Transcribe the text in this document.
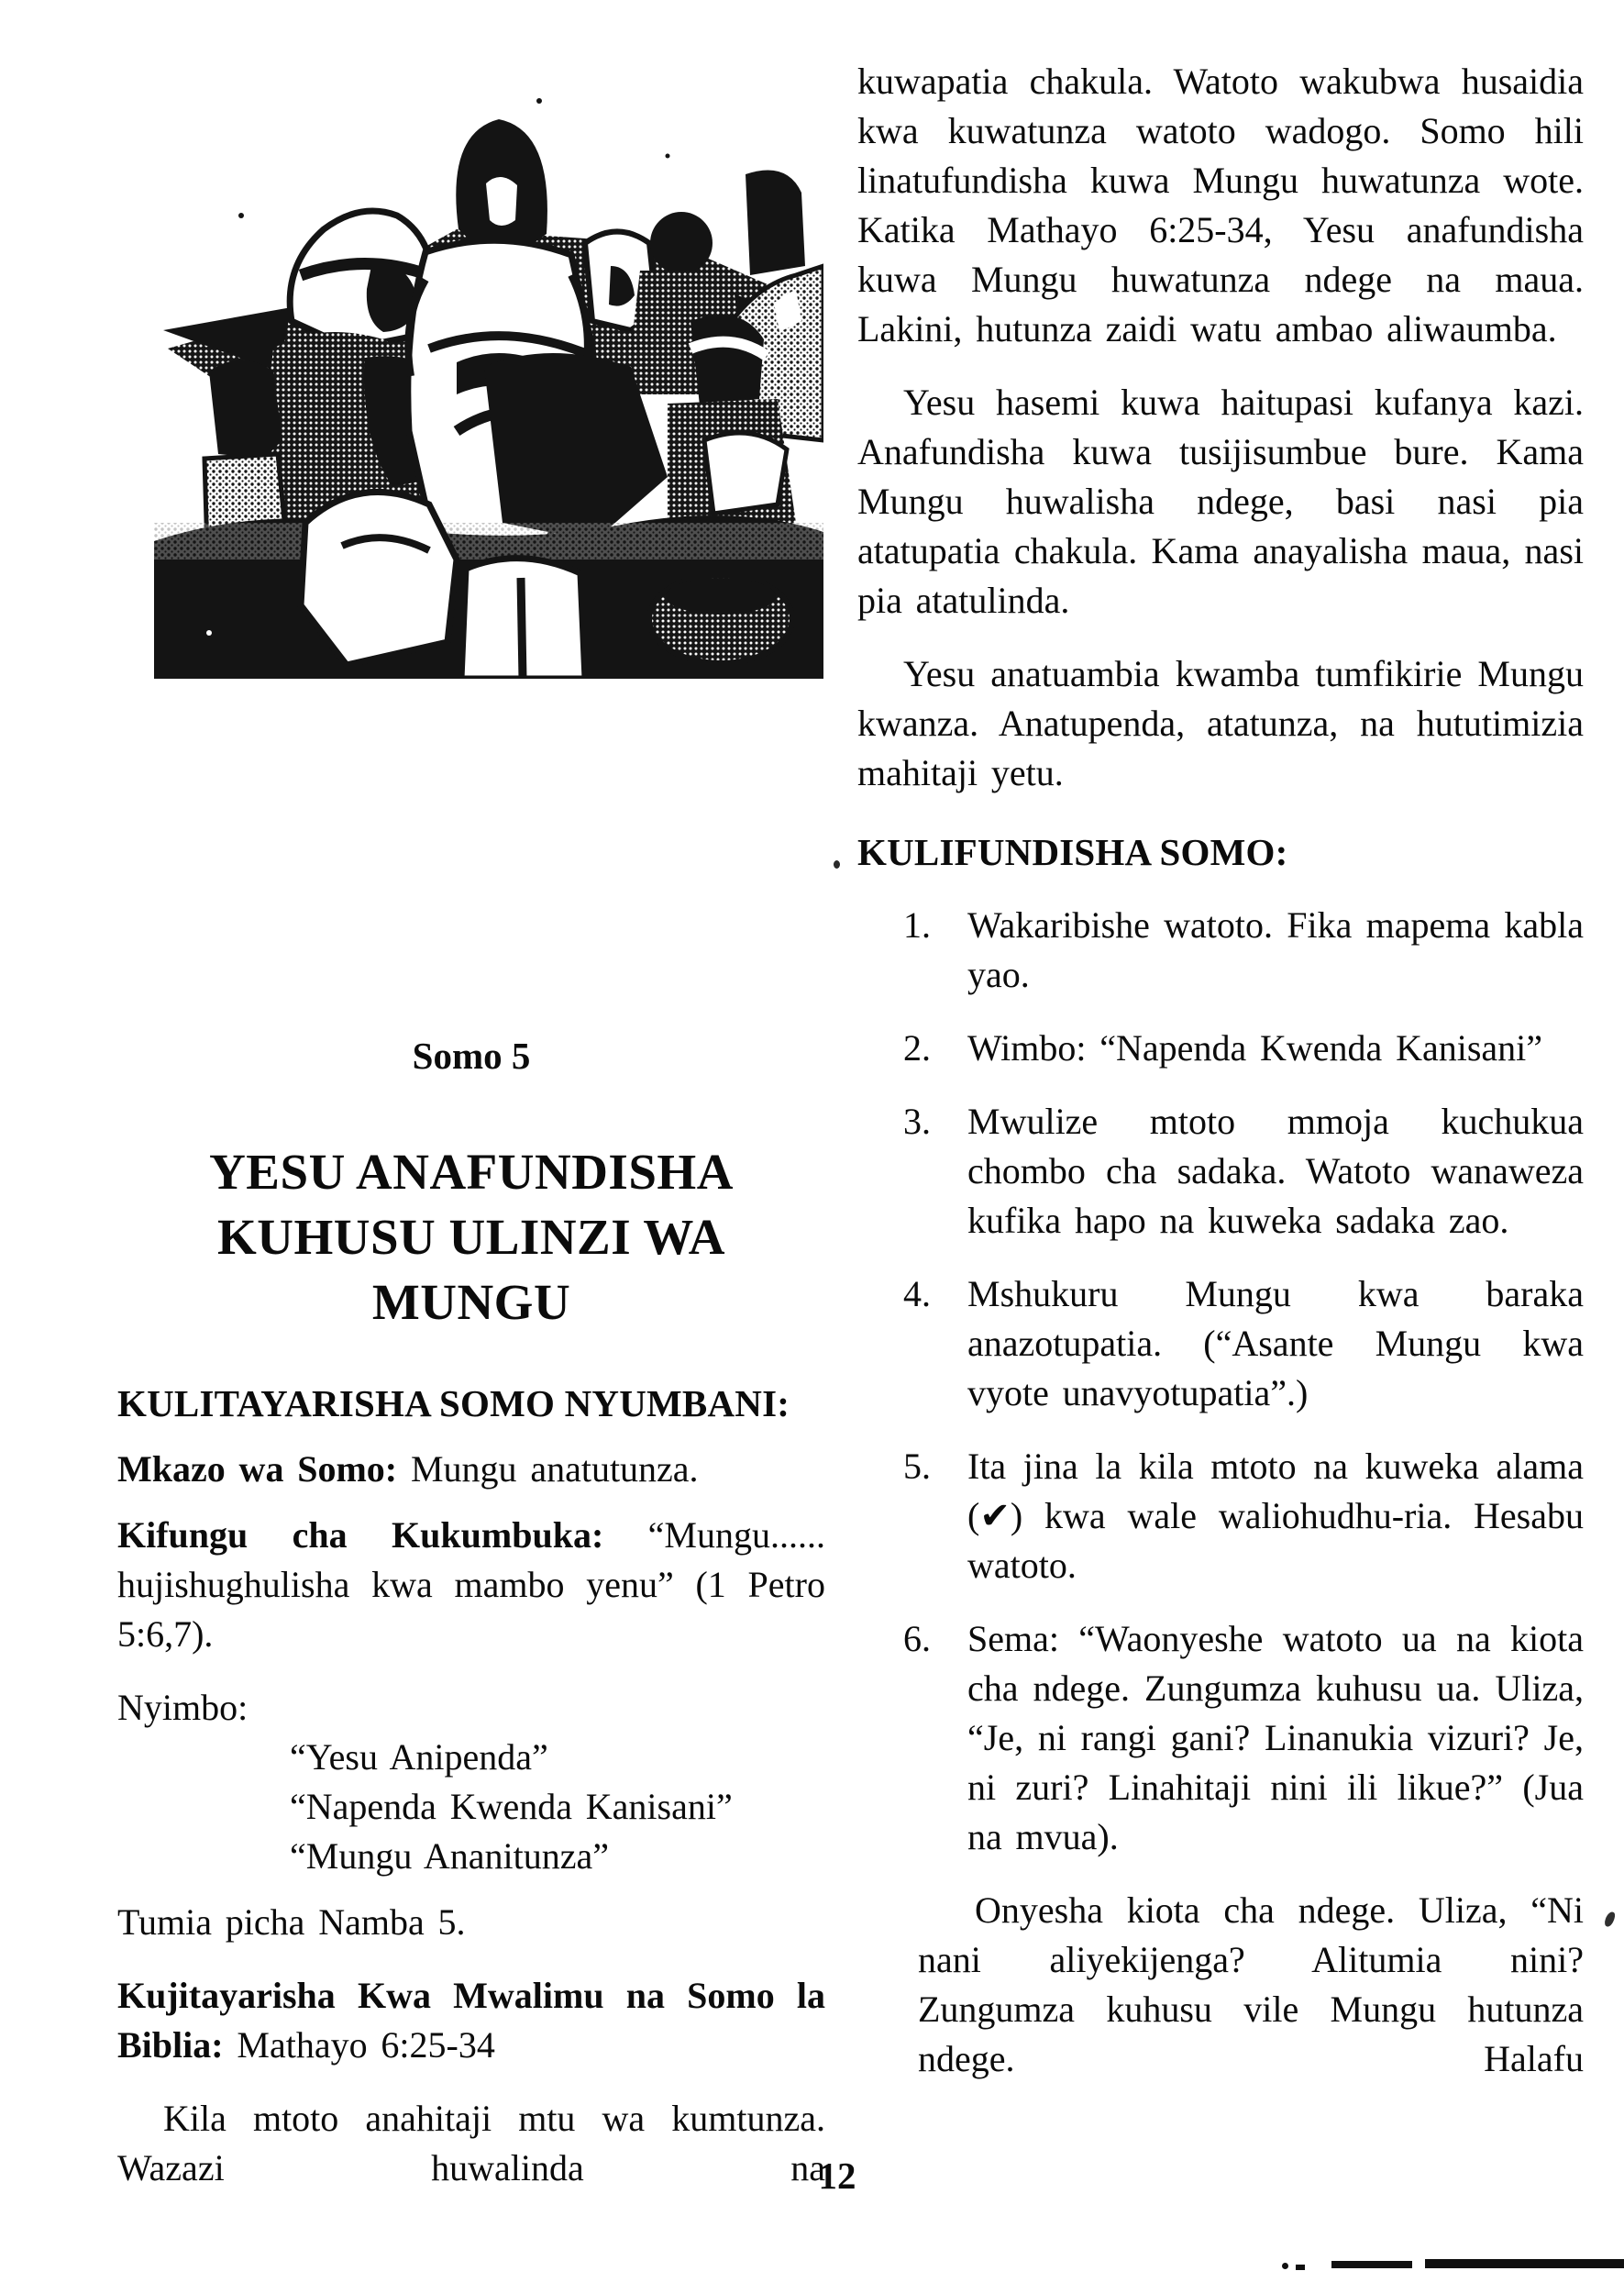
Somo 5
YESU ANAFUNDISHA
KUHUSU ULINZI WA
MUNGU
KULITAYARISHA SOMO NYUMBANI:

Mkazo wa Somo: Mungu anatutunza.

Kifungu cha Kukumbuka: “Mungu...... hujishughulisha kwa mambo yenu” (1 Petro 5:6,7).

Nyimbo:

“Yesu Anipenda”
“Napenda Kwenda Kanisani”
“Mungu Ananitunza”

Tumia picha Namba 5.

Kujitayarisha Kwa Mwalimu na Somo la Biblia: Mathayo 6:25-34

Kila mtoto anahitaji mtu wa kumtunza. Wazazi huwalinda na

kuwapatia chakula. Watoto wakubwa husaidia kwa kuwatunza watoto wadogo. Somo hili linatufundisha kuwa Mungu huwatunza wote. Katika Mathayo 6:25-34, Yesu anafundisha kuwa Mungu huwatunza ndege na maua. Lakini, hutunza zaidi watu ambao aliwaumba.

Yesu hasemi kuwa haitupasi kufanya kazi. Anafundisha kuwa tusijisumbue bure. Kama Mungu huwalisha ndege, basi nasi pia atatupatia chakula. Kama anayalisha maua, nasi pia atatulinda.

Yesu anatuambia kwamba tumfikirie Mungu kwanza. Anatupenda, atatunza, na hututimizia mahitaji yetu.

KULIFUNDISHA SOMO:
1. Wakaribishe watoto. Fika mapema kabla yao.
2. Wimbo: “Napenda Kwenda Kanisani”
3. Mwulize mtoto mmoja kuchukua chombo cha sadaka. Watoto wanaweza kufika hapo na kuweka sadaka zao.
4. Mshukuru Mungu kwa baraka anazotupatia. (“Asante Mungu kwa vyote unavyotupatia”.)
5. Ita jina la kila mtoto na kuweka alama (✔) kwa wale waliohudhu-ria. Hesabu watoto.
6. Sema: “Waonyeshe watoto ua na kiota cha ndege. Zungumza kuhusu ua. Uliza, “Je, ni rangi gani? Linanukia vizuri? Je, ni zuri? Linahitaji nini ili likue?” (Jua na mvua).

Onyesha kiota cha ndege. Uliza, “Ni nani aliyekijenga? Alitumia nini? Zungumza kuhusu vile Mungu hutunza ndege. Halafu

12
